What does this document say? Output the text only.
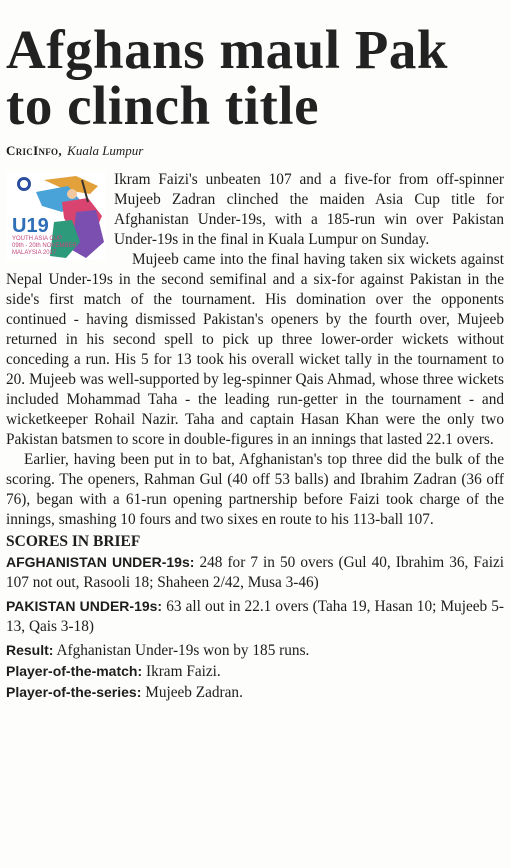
Afghans maul Pak
to clinch title
CricInfo, Kuala Lumpur
U19
YOUTH ASIA CUP
09th - 20th NOVEMBER
MALAYSIA 2017

Ikram Faizi's unbeaten 107 and a five-for from off-spinner Mujeeb Zadran clinched the maiden Asia Cup title for Afghanistan Under-19s, with a 185-run win over Pakistan Under-19s in the final in Kuala Lumpur on Sunday.

Mujeeb came into the final having taken six wickets against Nepal Under-19s in the second semifinal and a six-for against Pakistan in the side's first match of the tournament. His domination over the opponents continued - having dismissed Pakistan's openers by the fourth over, Mujeeb returned in his second spell to pick up three lower-order wickets without conceding a run. His 5 for 13 took his overall wicket tally in the tournament to 20. Mujeeb was well-supported by leg-spinner Qais Ahmad, whose three wickets included Mohammad Taha - the leading run-getter in the tournament - and wicketkeeper Rohail Nazir. Taha and captain Hasan Khan were the only two Pakistan batsmen to score in double-figures in an innings that lasted 22.1 overs.

Earlier, having been put in to bat, Afghanistan's top three did the bulk of the scoring. The openers, Rahman Gul (40 off 53 balls) and Ibrahim Zadran (36 off 76), began with a 61-run opening partnership before Faizi took charge of the innings, smashing 10 fours and two sixes en route to his 113-ball 107.

SCORES IN BRIEF

AFGHANISTAN UNDER-19s: 248 for 7 in 50 overs (Gul 40, Ibrahim 36, Faizi 107 not out, Rasooli 18; Shaheen 2/42, Musa 3-46)

PAKISTAN UNDER-19s: 63 all out in 22.1 overs (Taha 19, Hasan 10; Mujeeb 5-13, Qais 3-18)

Result: Afghanistan Under-19s won by 185 runs.

Player-of-the-match: Ikram Faizi.

Player-of-the-series: Mujeeb Zadran.
